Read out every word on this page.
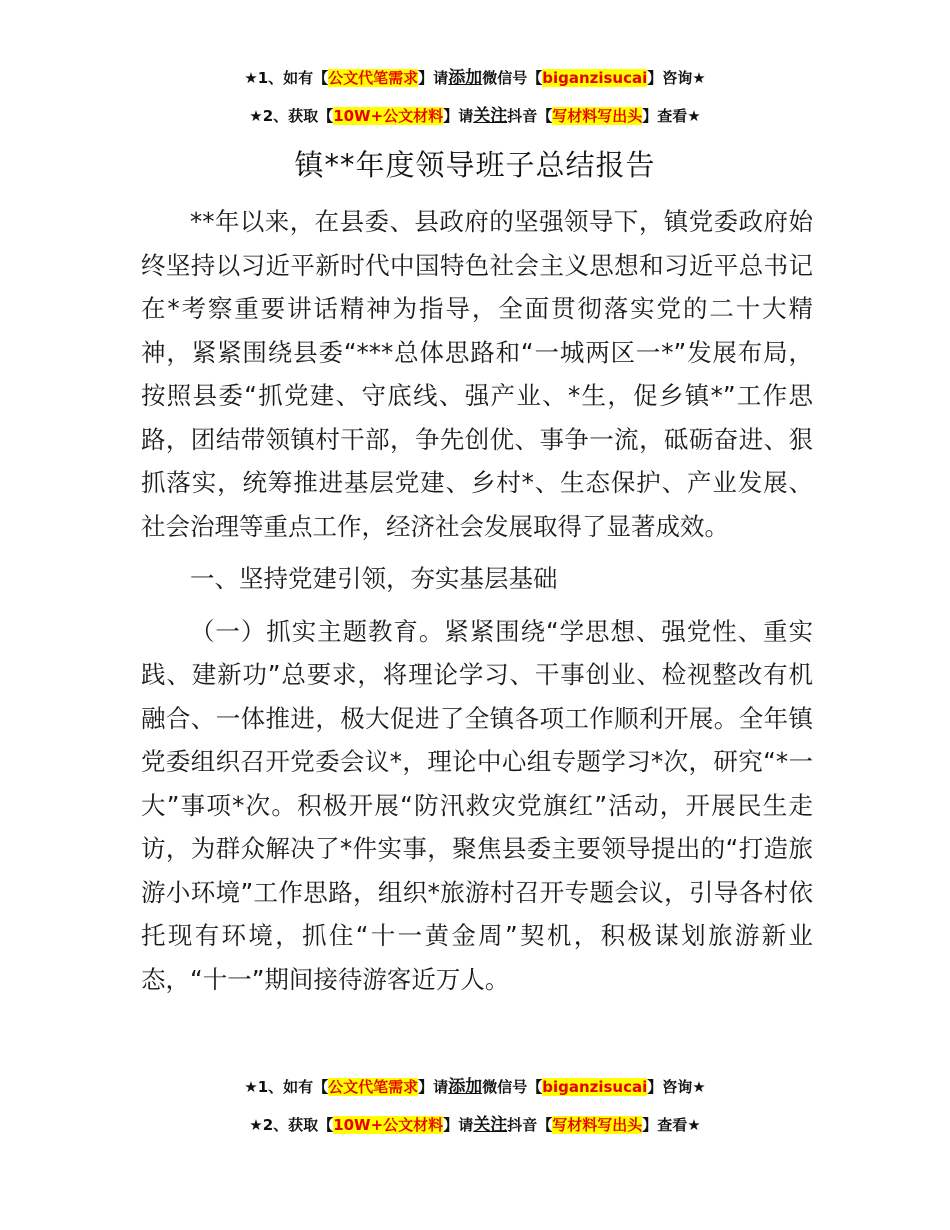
★1、如有【公文代笔需求】请添加微信号【biganzisucai】咨询★
★2、获取【10W+公文材料】请关注抖音【写材料写出头】查看★
镇**年度领导班子总结报告

**年以来，在县委、县政府的坚强领导下，镇党委政府始终坚持以习近平新时代中国特色社会主义思想和习近平总书记在*考察重要讲话精神为指导，全面贯彻落实党的二十大精神，紧紧围绕县委“***总体思路和“一城两区一*”发展布局，按照县委“抓党建、守底线、强产业、*生，促乡镇*”工作思路，团结带领镇村干部，争先创优、事争一流，砥砺奋进、狠抓落实，统筹推进基层党建、乡村*、生态保护、产业发展、社会治理等重点工作，经济社会发展取得了显著成效。

一、坚持党建引领，夯实基层基础

（一）抓实主题教育。紧紧围绕“学思想、强党性、重实践、建新功”总要求，将理论学习、干事创业、检视整改有机融合、一体推进，极大促进了全镇各项工作顺利开展。全年镇党委组织召开党委会议*，理论中心组专题学习*次，研究“*一大”事项*次。积极开展“防汛救灾党旗红”活动，开展民生走访，为群众解决了*件实事，聚焦县委主要领导提出的“打造旅游小环境”工作思路，组织*旅游村召开专题会议，引导各村依托现有环境，抓住“十一黄金周”契机，积极谋划旅游新业态，“十一”期间接待游客近万人。

★1、如有【公文代笔需求】请添加微信号【biganzisucai】咨询★
★2、获取【10W+公文材料】请关注抖音【写材料写出头】查看★
